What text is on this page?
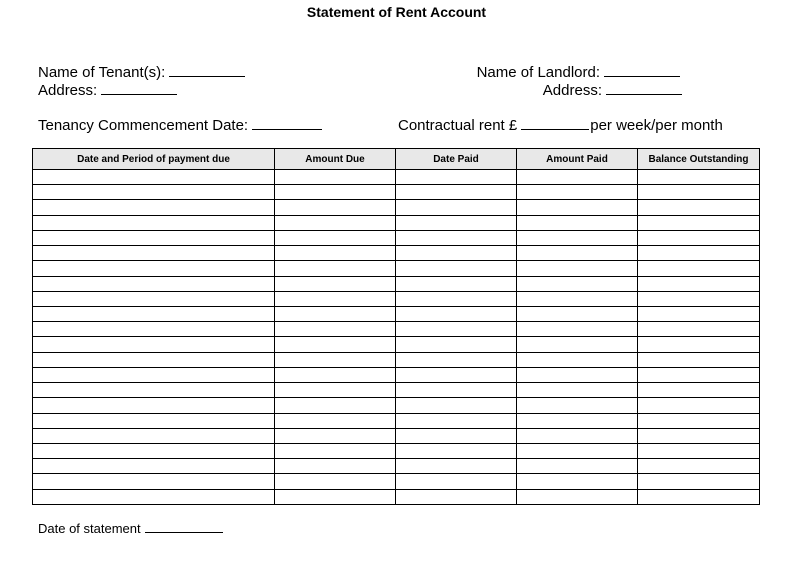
Statement of Rent Account
Name of Tenant(s):
Address:
Name of Landlord:
Address:
Tenancy Commencement Date:	Contractual rent £	per week/per month
Date and Period of payment due	Amount Due	Date Paid	Amount Paid	Balance Outstanding

Date of statement
